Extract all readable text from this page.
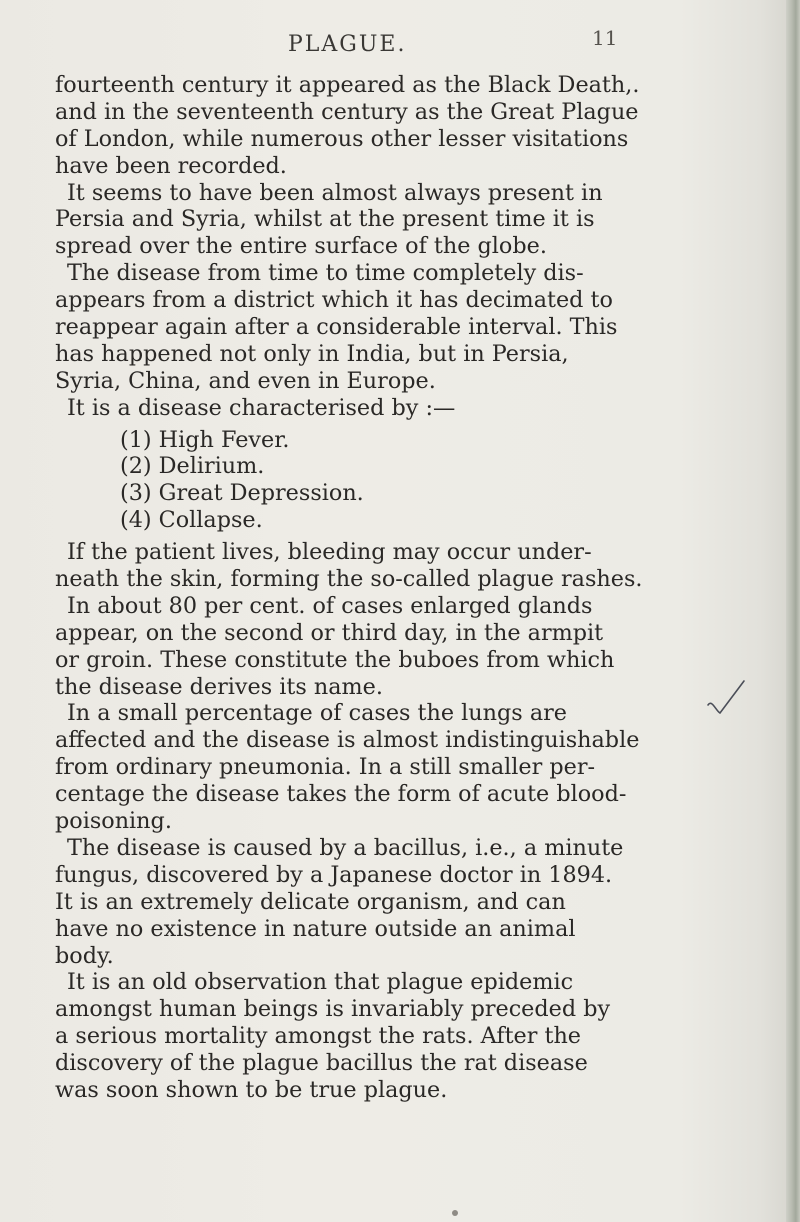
PLAGUE.	11
fourteenth century it appeared as the Black Death,.
and in the seventeenth century as the Great Plague
of London, while numerous other lesser visitations
have been recorded.
It seems to have been almost always present in
Persia and Syria, whilst at the present time it is
spread over the entire surface of the globe.
The disease from time to time completely dis-
appears from a district which it has decimated to
reappear again after a considerable interval. This
has happened not only in India, but in Persia,
Syria, China, and even in Europe.
It is a disease characterised by :—
(1) High Fever.
(2) Delirium.
(3) Great Depression.
(4) Collapse.
If the patient lives, bleeding may occur under-
neath the skin, forming the so-called plague rashes.
In about 80 per cent. of cases enlarged glands
appear, on the second or third day, in the armpit
or groin. These constitute the buboes from which
the disease derives its name.
In a small percentage of cases the lungs are
affected and the disease is almost indistinguishable
from ordinary pneumonia. In a still smaller per-
centage the disease takes the form of acute blood-
poisoning.
The disease is caused by a bacillus, i.e., a minute
fungus, discovered by a Japanese doctor in 1894.
It is an extremely delicate organism, and can
have no existence in nature outside an animal
body.
It is an old observation that plague epidemic
amongst human beings is invariably preceded by
a serious mortality amongst the rats. After the
discovery of the plague bacillus the rat disease
was soon shown to be true plague.
